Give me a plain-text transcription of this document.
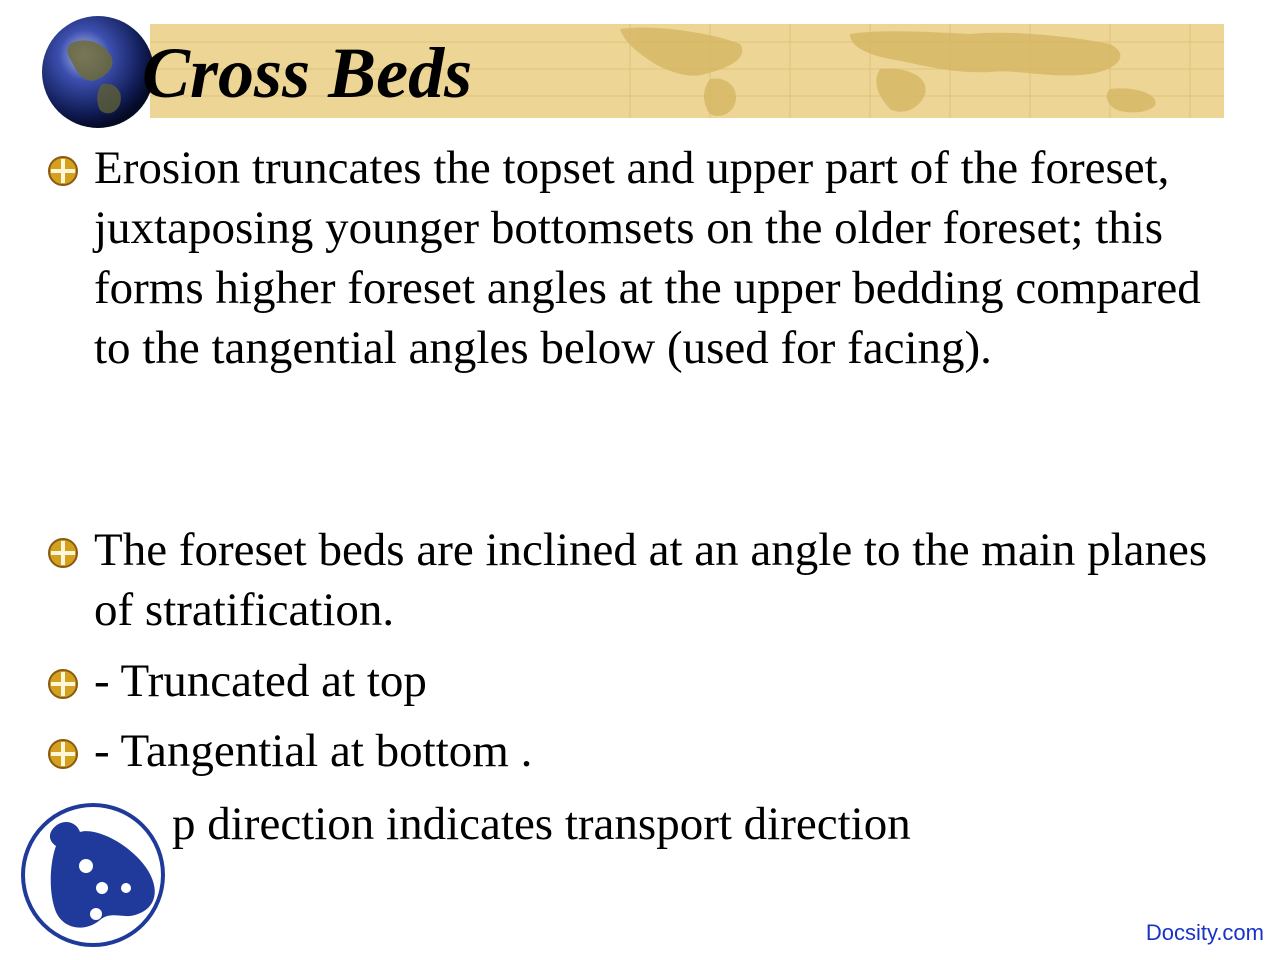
Cross Beds

Erosion truncates the topset and upper part of the foreset, juxtaposing younger bottomsets on the older foreset; this forms higher foreset angles at the upper bedding compared to the tangential angles below (used for facing).

The foreset beds are inclined at an angle to the main planes of stratification.

- Truncated at top

- Tangential at bottom .

p direction indicates transport direction

Docsity.com
